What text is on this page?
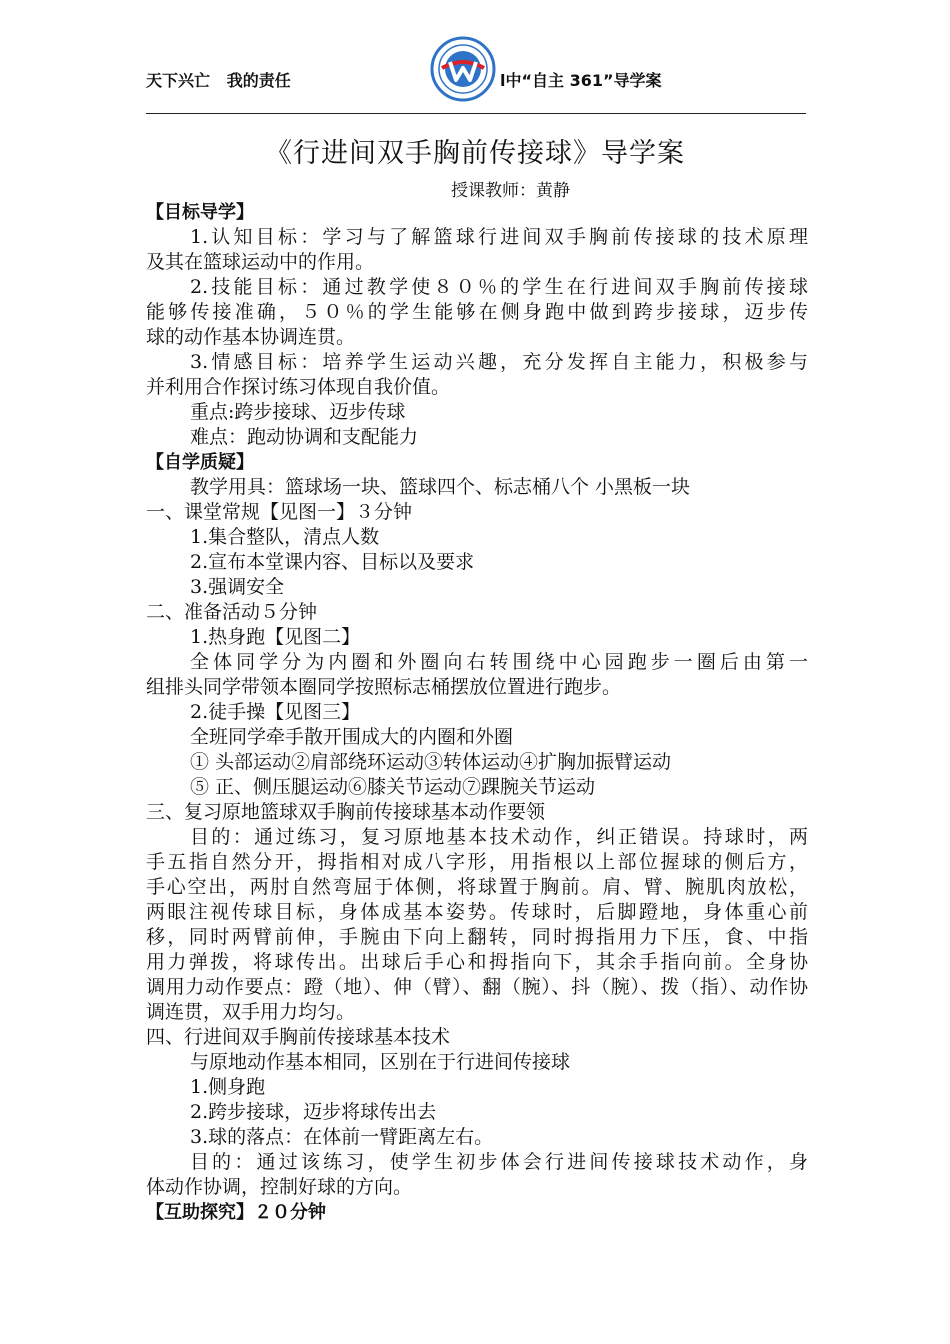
天下兴亡   我的责任	l中“自主 361”导学案
《行进间双手胸前传接球》导学案
授课教师：黄静
【目标导学】
1.认知目标：学习与了解篮球行进间双手胸前传接球的技术原理
及其在篮球运动中的作用。
2.技能目标：通过教学使８０％的学生在行进间双手胸前传接球
能够传接准确，５０％的学生能够在侧身跑中做到跨步接球，迈步传
球的动作基本协调连贯。
3.情感目标：培养学生运动兴趣，充分发挥自主能力，积极参与
并利用合作探讨练习体现自我价值。
重点:跨步接球、迈步传球
难点：跑动协调和支配能力
【自学质疑】
教学用具：篮球场一块、篮球四个、标志桶八个 小黑板一块
一、课堂常规【见图一】３分钟
1.集合整队，清点人数
2.宣布本堂课内容、目标以及要求
3.强调安全
二、准备活动５分钟
1.热身跑【见图二】
全体同学分为内圈和外圈向右转围绕中心园跑步一圈后由第一
组排头同学带领本圈同学按照标志桶摆放位置进行跑步。
2.徒手操【见图三】
全班同学牵手散开围成大的内圈和外圈
① 头部运动②肩部绕环运动③转体运动④扩胸加振臂运动
⑤ 正、侧压腿运动⑥膝关节运动⑦踝腕关节运动
三、复习原地篮球双手胸前传接球基本动作要领
目的：通过练习，复习原地基本技术动作，纠正错误。持球时，两
手五指自然分开，拇指相对成八字形，用指根以上部位握球的侧后方，
手心空出，两肘自然弯屈于体侧，将球置于胸前。肩、臂、腕肌肉放松，
两眼注视传球目标，身体成基本姿势。传球时，后脚蹬地，身体重心前
移，同时两臂前伸，手腕由下向上翻转，同时拇指用力下压，食、中指
用力弹拨，将球传出。出球后手心和拇指向下，其余手指向前。全身协
调用力动作要点：蹬（地）、伸（臂）、翻（腕）、抖（腕）、拨（指）、动作协
调连贯，双手用力均匀。
四、行进间双手胸前传接球基本技术
与原地动作基本相同，区别在于行进间传接球
1.侧身跑
2.跨步接球，迈步将球传出去
3.球的落点：在体前一臂距离左右。
目的：通过该练习，使学生初步体会行进间传接球技术动作，身
体动作协调，控制好球的方向。
【互助探究】２０分钟
